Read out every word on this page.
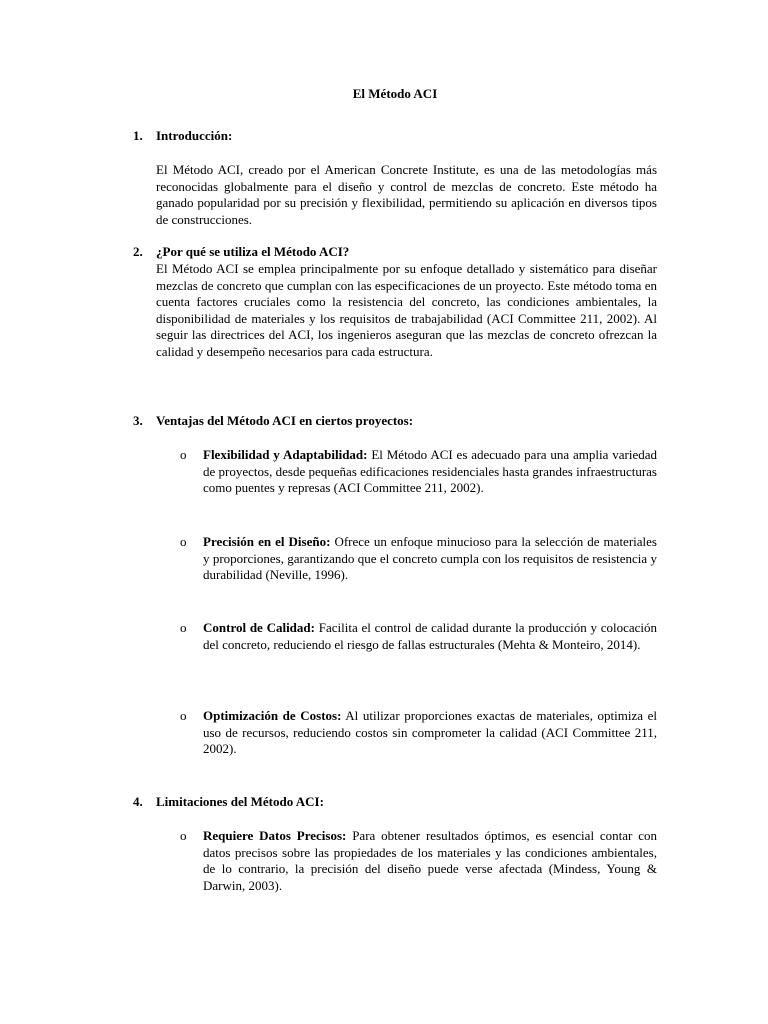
El Método ACI
1. Introducción:
El Método ACI, creado por el American Concrete Institute, es una de las metodologías más reconocidas globalmente para el diseño y control de mezclas de concreto. Este método ha ganado popularidad por su precisión y flexibilidad, permitiendo su aplicación en diversos tipos de construcciones.
2. ¿Por qué se utiliza el Método ACI?
El Método ACI se emplea principalmente por su enfoque detallado y sistemático para diseñar mezclas de concreto que cumplan con las especificaciones de un proyecto. Este método toma en cuenta factores cruciales como la resistencia del concreto, las condiciones ambientales, la disponibilidad de materiales y los requisitos de trabajabilidad (ACI Committee 211, 2002). Al seguir las directrices del ACI, los ingenieros aseguran que las mezclas de concreto ofrezcan la calidad y desempeño necesarios para cada estructura.
3. Ventajas del Método ACI en ciertos proyectos:
o Flexibilidad y Adaptabilidad: El Método ACI es adecuado para una amplia variedad de proyectos, desde pequeñas edificaciones residenciales hasta grandes infraestructuras como puentes y represas (ACI Committee 211, 2002).
o Precisión en el Diseño: Ofrece un enfoque minucioso para la selección de materiales y proporciones, garantizando que el concreto cumpla con los requisitos de resistencia y durabilidad (Neville, 1996).
o Control de Calidad: Facilita el control de calidad durante la producción y colocación del concreto, reduciendo el riesgo de fallas estructurales (Mehta & Monteiro, 2014).
o Optimización de Costos: Al utilizar proporciones exactas de materiales, optimiza el uso de recursos, reduciendo costos sin comprometer la calidad (ACI Committee 211, 2002).
4. Limitaciones del Método ACI:
o Requiere Datos Precisos: Para obtener resultados óptimos, es esencial contar con datos precisos sobre las propiedades de los materiales y las condiciones ambientales, de lo contrario, la precisión del diseño puede verse afectada (Mindess, Young & Darwin, 2003).
